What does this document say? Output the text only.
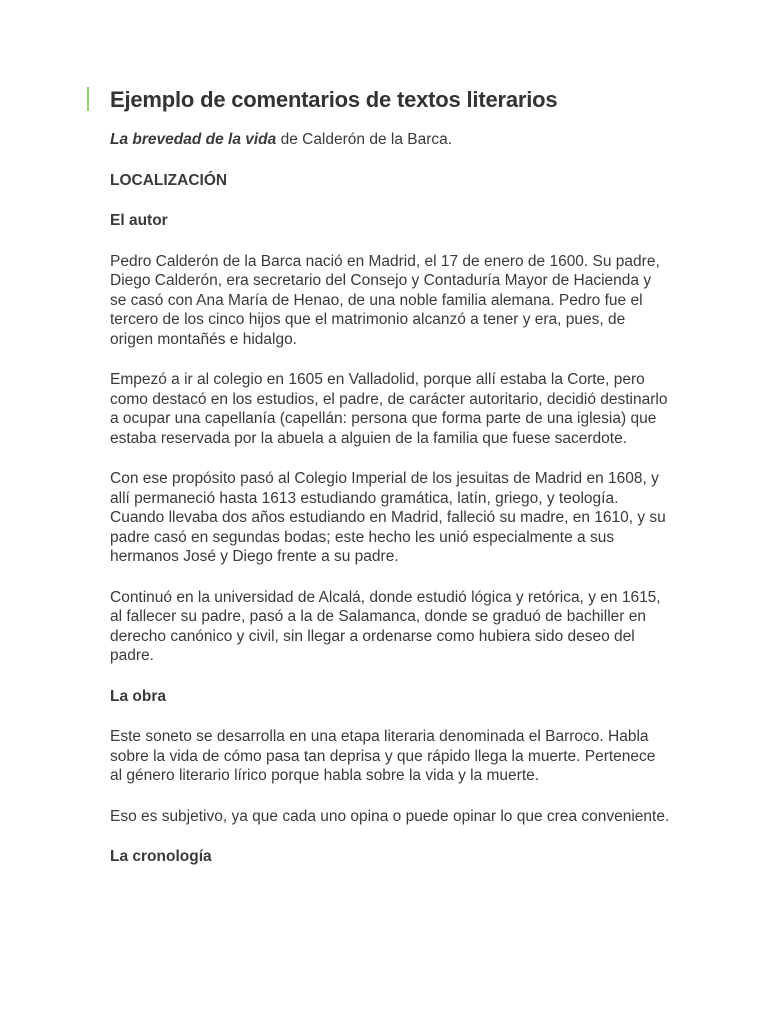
Ejemplo de comentarios de textos literarios

La brevedad de la vida de Calderón de la Barca.

LOCALIZACIÓN

El autor

Pedro Calderón de la Barca nació en Madrid, el 17 de enero de 1600. Su padre, Diego Calderón, era secretario del Consejo y Contaduría Mayor de Hacienda y se casó con Ana María de Henao, de una noble familia alemana. Pedro fue el tercero de los cinco hijos que el matrimonio alcanzó a tener y era, pues, de origen montañés e hidalgo.

Empezó a ir al colegio en 1605 en Valladolid, porque allí estaba la Corte, pero como destacó en los estudios, el padre, de carácter autoritario, decidió destinarlo a ocupar una capellanía (capellán: persona que forma parte de una iglesia) que estaba reservada por la abuela a alguien de la familia que fuese sacerdote.

Con ese propósito pasó al Colegio Imperial de los jesuitas de Madrid en 1608, y allí permaneció hasta 1613 estudiando gramática, latín, griego, y teología. Cuando llevaba dos años estudiando en Madrid, falleció su madre, en 1610, y su padre casó en segundas bodas; este hecho les unió especialmente a sus hermanos José y Diego frente a su padre.

Continuó en la universidad de Alcalá, donde estudió lógica y retórica, y en 1615, al fallecer su padre, pasó a la de Salamanca, donde se graduó de bachiller en derecho canónico y civil, sin llegar a ordenarse como hubiera sido deseo del padre.

La obra

Este soneto se desarrolla en una etapa literaria denominada el Barroco. Habla sobre la vida de cómo pasa tan deprisa y que rápido llega la muerte. Pertenece al género literario lírico porque habla sobre la vida y la muerte.

Eso es subjetivo, ya que cada uno opina o puede opinar lo que crea conveniente.

La cronología
